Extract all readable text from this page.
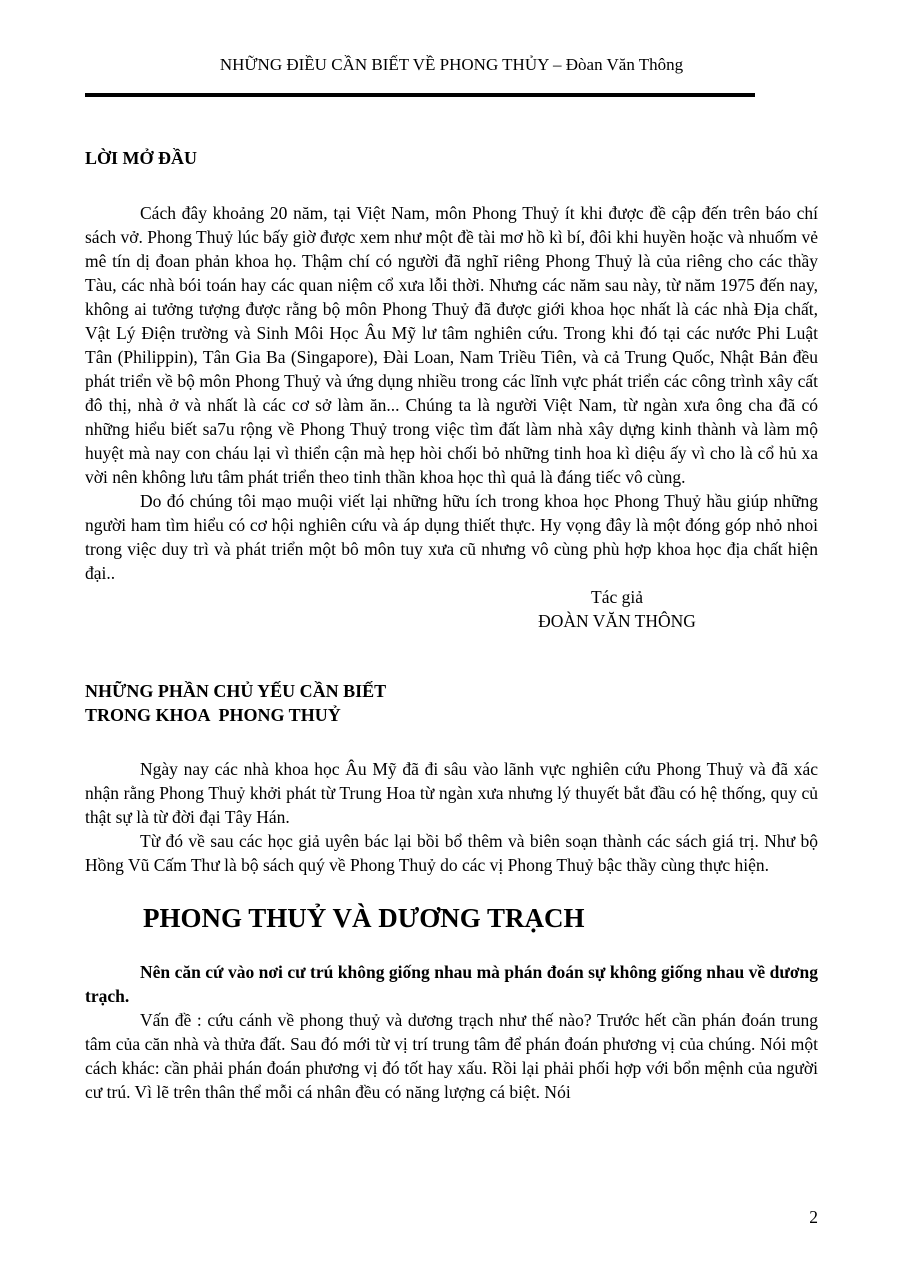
NHỮNG ĐIỀU CẦN BIẾT VỀ PHONG THỦY – Đòan Văn Thông

LỜI MỞ ĐẦU

Cách đây khoảng 20 năm, tại Việt Nam, môn Phong Thuỷ ít khi được đề cập đến trên báo chí sách vở. Phong Thuỷ lúc bấy giờ được xem như một đề tài mơ hồ kì bí, đôi khi huyền hoặc và nhuốm vẻ mê tín dị đoan phản khoa họ. Thậm chí có người đã nghĩ riêng Phong Thuỷ là của riêng cho các thầy Tàu, các nhà bói toán hay các quan niệm cổ xưa lỗi thời. Nhưng các năm sau này, từ năm 1975 đến nay, không ai tưởng tượng được rằng bộ môn Phong Thuỷ đã được giới khoa học nhất là các nhà Địa chất, Vật Lý Điện trường và Sinh Môi Học Âu Mỹ lư tâm nghiên cứu. Trong khi đó tại các nước Phi Luật Tân (Philippin), Tân Gia Ba (Singapore), Đài Loan, Nam Triều Tiên, và cả Trung Quốc, Nhật Bản đều phát triển về bộ môn Phong Thuỷ và ứng dụng nhiều trong các lĩnh vực phát triển các công trình xây cất đô thị, nhà ở và nhất là các cơ sở làm ăn... Chúng ta là người Việt Nam, từ ngàn xưa ông cha đã có những hiểu biết sa7u rộng về Phong Thuỷ trong việc tìm đất làm nhà xây dựng kinh thành và làm mộ huyệt mà nay con cháu lại vì thiển cận mà hẹp hòi chối bỏ những tinh hoa kì diệu ấy vì cho là cổ hủ xa vời nên không lưu tâm phát triển theo tinh thần khoa học thì quả là đáng tiếc vô cùng.

Do đó chúng tôi mạo muội viết lại những hữu ích trong khoa học Phong Thuỷ hầu giúp những người ham tìm hiểu có cơ hội nghiên cứu và áp dụng thiết thực. Hy vọng đây là một đóng góp nhỏ nhoi trong việc duy trì và phát triển một bô môn tuy xưa cũ nhưng vô cùng phù hợp khoa học địa chất hiện đại..

Tác giả
ĐOÀN VĂN THÔNG

NHỮNG PHẦN CHỦ YẾU CẦN BIẾT

TRONG KHOA  PHONG THUỶ

Ngày nay các nhà khoa học Âu Mỹ đã đi sâu vào lãnh vực nghiên cứu Phong Thuỷ và đã xác nhận rằng Phong Thuỷ khởi phát từ Trung Hoa từ ngàn xưa nhưng lý thuyết bắt đầu có hệ thống, quy củ thật sự là từ đời đại Tây Hán.

Từ đó về sau các học giả uyên bác lại bồi bổ thêm và biên soạn thành các sách giá trị. Như bộ Hồng Vũ Cấm Thư là bộ sách quý về Phong Thuỷ do các vị Phong Thuỷ bậc thầy cùng thực hiện.

PHONG THUỶ VÀ DƯƠNG TRẠCH

Nên căn cứ vào nơi cư trú không giống nhau mà phán đoán sự không giống nhau về dương trạch.

Vấn đề : cứu cánh về phong thuỷ và dương trạch như thế nào? Trước hết cần phán đoán trung tâm của căn nhà và thửa đất. Sau đó mới từ vị trí trung tâm để phán đoán phương vị của chúng. Nói một cách khác: cần phải phán đoán phương vị đó tốt hay xấu. Rồi lại phải phối hợp với bổn mệnh của người cư trú. Vì lẽ trên thân thể mỗi cá nhân đều có năng lượng cá biệt. Nói

2
